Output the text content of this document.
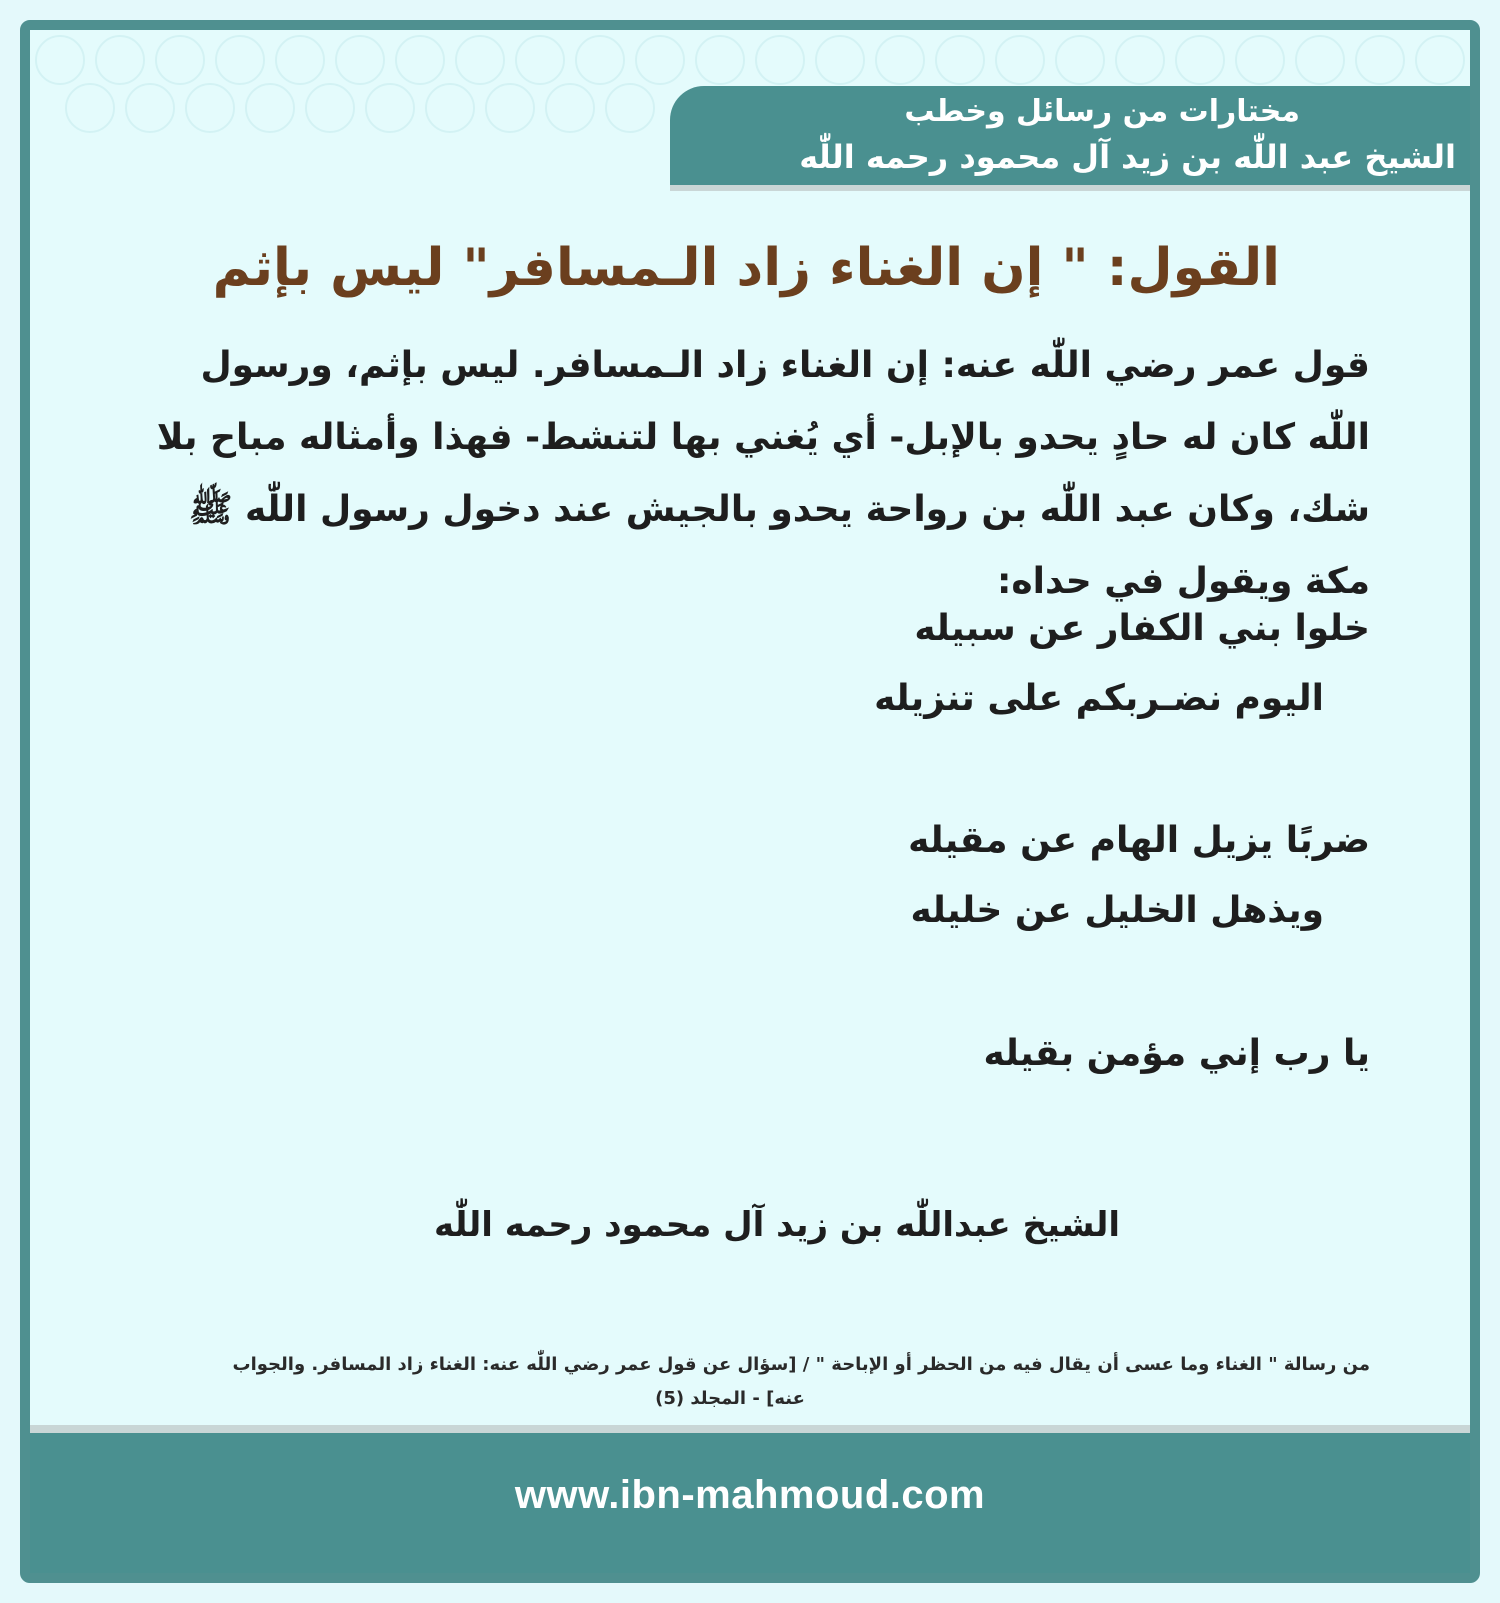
مختارات من رسائل وخطب
الشيخ عبد اللّٰه بن زيد آل محمود رحمه اللّٰه
القول: " إن الغناء زاد الـمسافر" ليس بإثم

قول عمر رضي اللّٰه عنه: إن الغناء زاد الـمسافر. ليس بإثم، ورسول اللّٰه كان له حادٍ يحدو بالإبل- أي يُغني بها لتنشط- فهذا وأمثاله مباح بلا شك، وكان عبد اللّٰه بن رواحة يحدو بالجيش عند دخول رسول اللّٰه ﷺ مكة ويقول في حداه:

خلوا بني الكفار عن سبيله
اليوم نضـربكم على تنزيله
ضربًا يزيل الهام عن مقيله
ويذهل الخليل عن خليله
يا رب إني مؤمن بقيله
الشيخ عبداللّٰه بن زيد آل محمود رحمه اللّٰه
من رسالة " الغناء وما عسى أن يقال فيه من الحظر أو الإباحة " / [سؤال عن قول عمر رضي اللّٰه عنه: الغناء زاد المسافر. والجواب
عنه] - المجلد (5)
www.ibn-mahmoud.com
